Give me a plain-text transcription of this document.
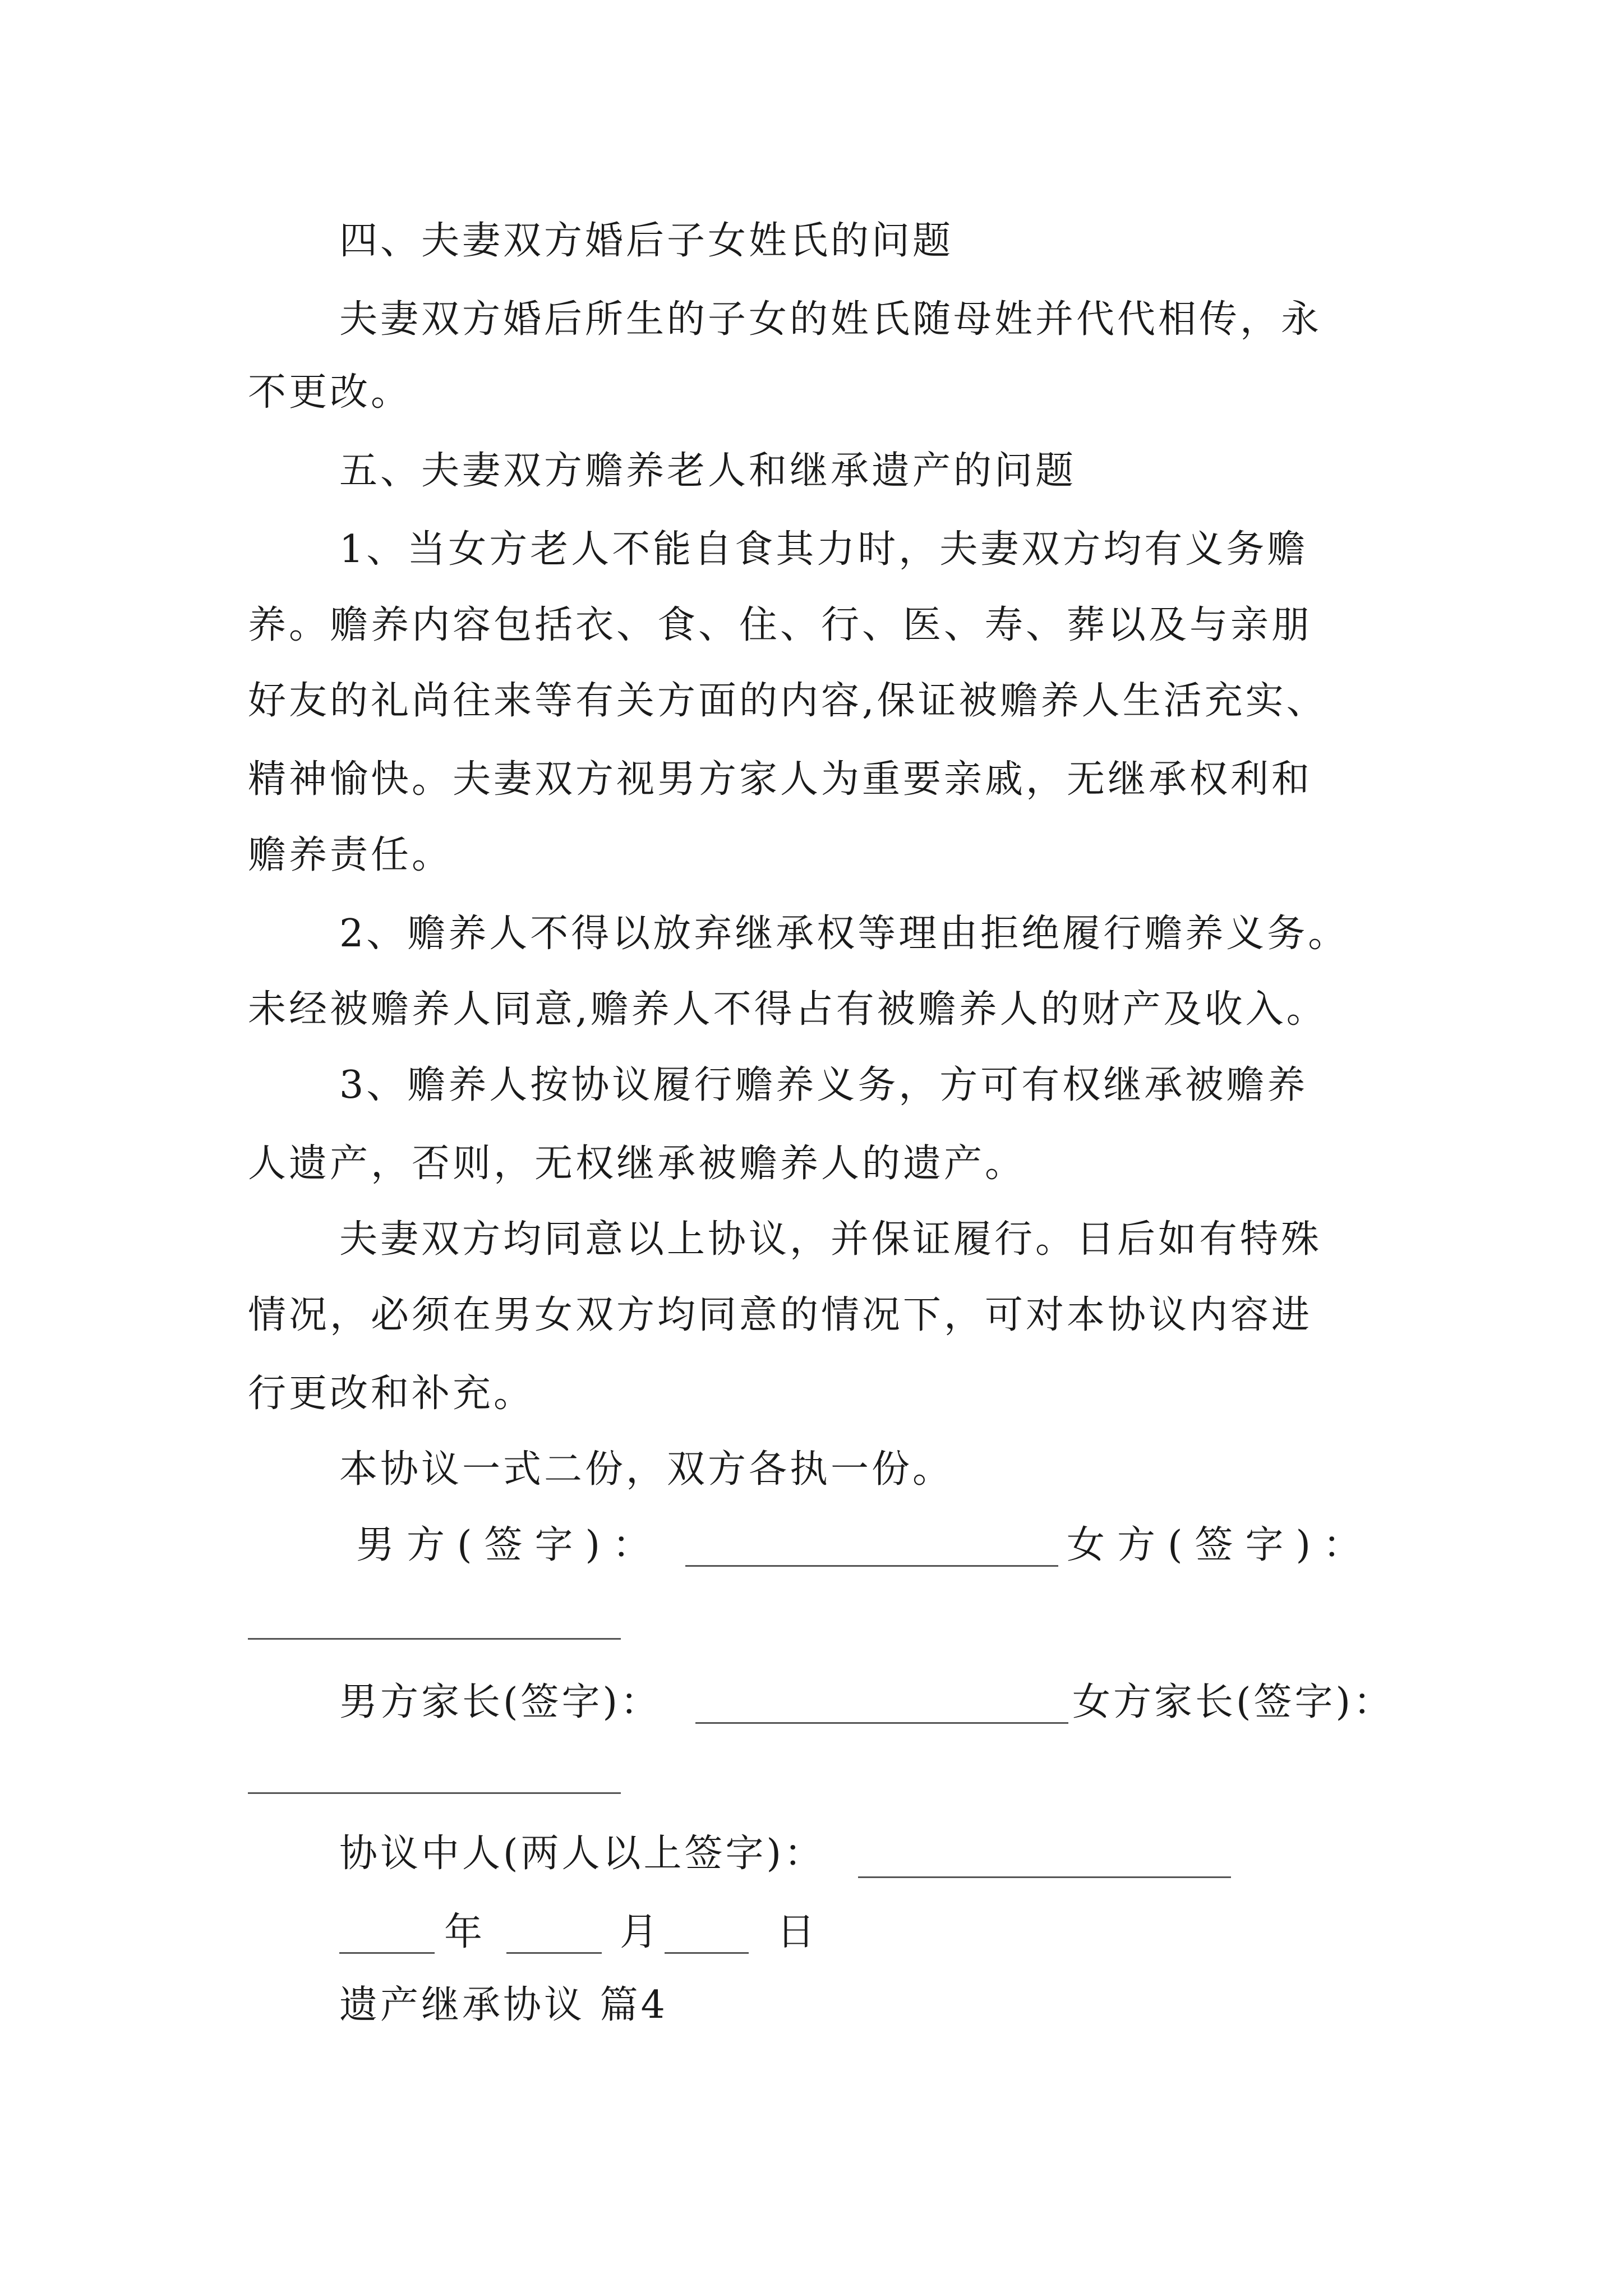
四、夫妻双方婚后子女姓氏的问题
夫妻双方婚后所生的子女的姓氏随母姓并代代相传，永
不更改。
五、夫妻双方赡养老人和继承遗产的问题
1、当女方老人不能自食其力时，夫妻双方均有义务赡
养。赡养内容包括衣、食、住、行、医、寿、葬以及与亲朋
好友的礼尚往来等有关方面的内容,保证被赡养人生活充实、
精神愉快。夫妻双方视男方家人为重要亲戚，无继承权利和
赡养责任。
2、赡养人不得以放弃继承权等理由拒绝履行赡养义务。
未经被赡养人同意,赡养人不得占有被赡养人的财产及收入。
3、赡养人按协议履行赡养义务，方可有权继承被赡养
人遗产，否则，无权继承被赡养人的遗产。
夫妻双方均同意以上协议，并保证履行。日后如有特殊
情况，必须在男女双方均同意的情况下，可对本协议内容进
行更改和补充。
本协议一式二份，双方各执一份。
男方(签字)：	女方(签字)：
男方家长(签字)：	女方家长(签字)：
协议中人(两人以上签字)：
年	月	日
遗产继承协议 篇4
